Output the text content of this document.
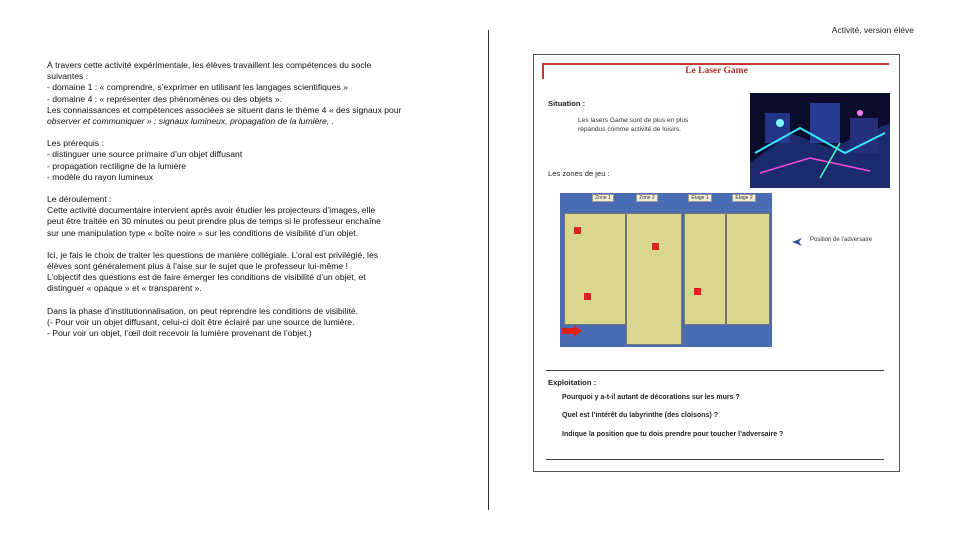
Activité, version élève

À travers cette activité expérimentale, les élèves travaillent les compétences du socle
suivantes :
- domaine 1 : « comprendre, s’exprimer en utilisant les langages scientifiques »
- domaine 4 : « représenter des phénomènes ou des objets ».
Les connaissances et compétences associées se situent dans le thème 4 « des signaux pour
observer et communiquer » : signaux lumineux, propagation de la lumière, .

Les prérequis :
- distinguer une source primaire d’un objet diffusant
- propagation rectiligne de la lumière
- modèle du rayon lumineux

Le déroulement :
Cette activité documentaire intervient après avoir étudier les projecteurs d’images, elle
peut être traitée en 30 minutes ou peut prendre plus de temps si le professeur enchaîne
sur une manipulation type « boîte noire » sur les conditions de visibilité d’un objet.

Ici, je fais le choix de traiter les questions de manière collégiale. L’oral est privilégié, les
élèves sont généralement plus à l’aise sur le sujet que le professeur lui-même !
L’objectif des questions est de faire émerger les conditions de visibilité d’un objet, et
distinguer « opaque » et « transparent ».

Dans la phase d’institutionnalisation, on peut reprendre les conditions de visibilité.
(- Pour voir un objet diffusant, celui-ci doit être éclairé par une source de lumière.
- Pour voir un objet, l’œil doit recevoir la lumière provenant de l’objet.)

Le Laser Game
Situation :
Les lasers Game sont de plus en plus
répandus comme activité de loisirs.
Les zones de jeu :
Zone 1	Zone 2	Étage 1	Étage 2
Position de l’adversaire
Exploitation :
Pourquoi y a-t-il autant de décorations sur les murs ?
Quel est l’intérêt du labyrinthe (des cloisons) ?
Indique la position que tu dois prendre pour toucher l’adversaire ?
